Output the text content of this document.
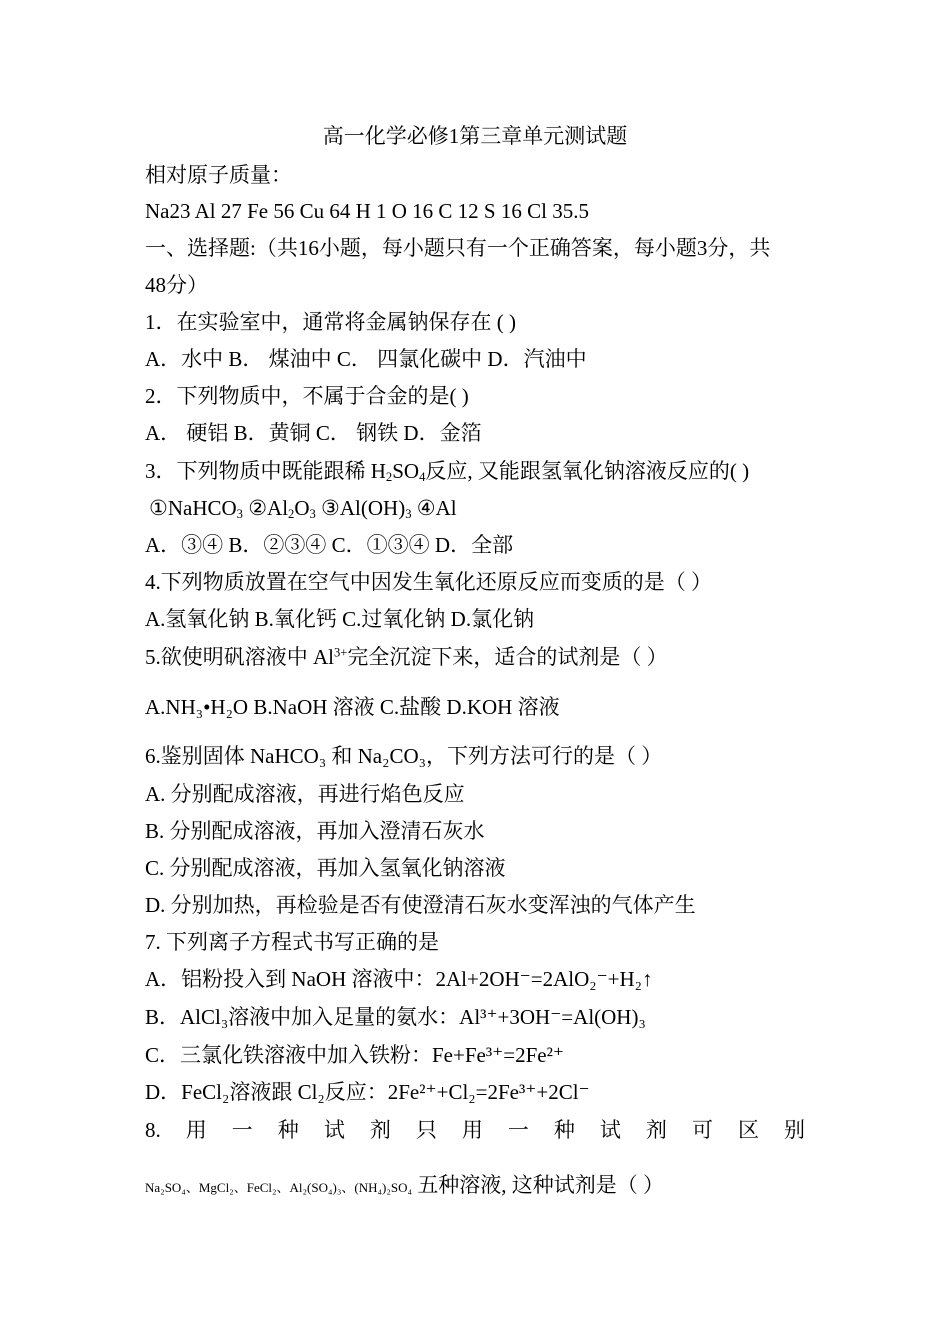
高一化学必修1第三章单元测试题
相对原子质量：
Na23 Al 27 Fe 56 Cu 64 H 1 O 16 C 12 S 16 Cl 35.5
一、选择题:（共16小题，每小题只有一个正确答案，每小题3分，共
48分）
1．在实验室中，通常将金属钠保存在 ( )
A．水中 B． 煤油中 C． 四氯化碳中 D．汽油中
2．下列物质中，不属于合金的是( )
A． 硬铝 B．黄铜 C． 钢铁 D．金箔
3．下列物质中既能跟稀 $H_2SO_4$反应, 又能跟氢氧化钠溶液反应的( )
①NaHCO$_3$ $②Al_2O_3$ $③Al(OH)_3$ ④Al
A．③④ B．②③④ C．①③④ D．全部
4.下列物质放置在空气中因发生氧化还原反应而变质的是（ ）
A.氢氧化钠 B.氧化钙 C.过氧化钠 D.氯化钠
5.欲使明矾溶液中 $Al^{3+}$完全沉淀下来，适合的试剂是（ ）
A.NH₃•H₂O B.NaOH 溶液 C.盐酸 D.KOH 溶液
6.鉴别固体 NaHCO₃ 和 Na₂CO₃，下列方法可行的是（ ）
A. 分别配成溶液，再进行焰色反应
B. 分别配成溶液，再加入澄清石灰水
C. 分别配成溶液，再加入氢氧化钠溶液
D. 分别加热，再检验是否有使澄清石灰水变浑浊的气体产生
7. 下列离子方程式书写正确的是
A．铝粉投入到 NaOH 溶液中：2Al+2OH⁻=2AlO₂⁻+H₂↑
B．AlCl₃溶液中加入足量的氨水：Al³⁺+3OH⁻=Al(OH)₃
C．三氯化铁溶液中加入铁粉：Fe+Fe³⁺=2Fe²⁺
D．FeCl₂溶液跟 Cl₂反应：2Fe²⁺+Cl₂=2Fe³⁺+2Cl⁻
8. 用 一 种 试 剂 只 用 一 种 试 剂 可 区 别
Na₂SO₄、MgCl₂、FeCl₂、Al₂(SO₄)₃、(NH₄)₂SO₄ 五种溶液, 这种试剂是（ ）
